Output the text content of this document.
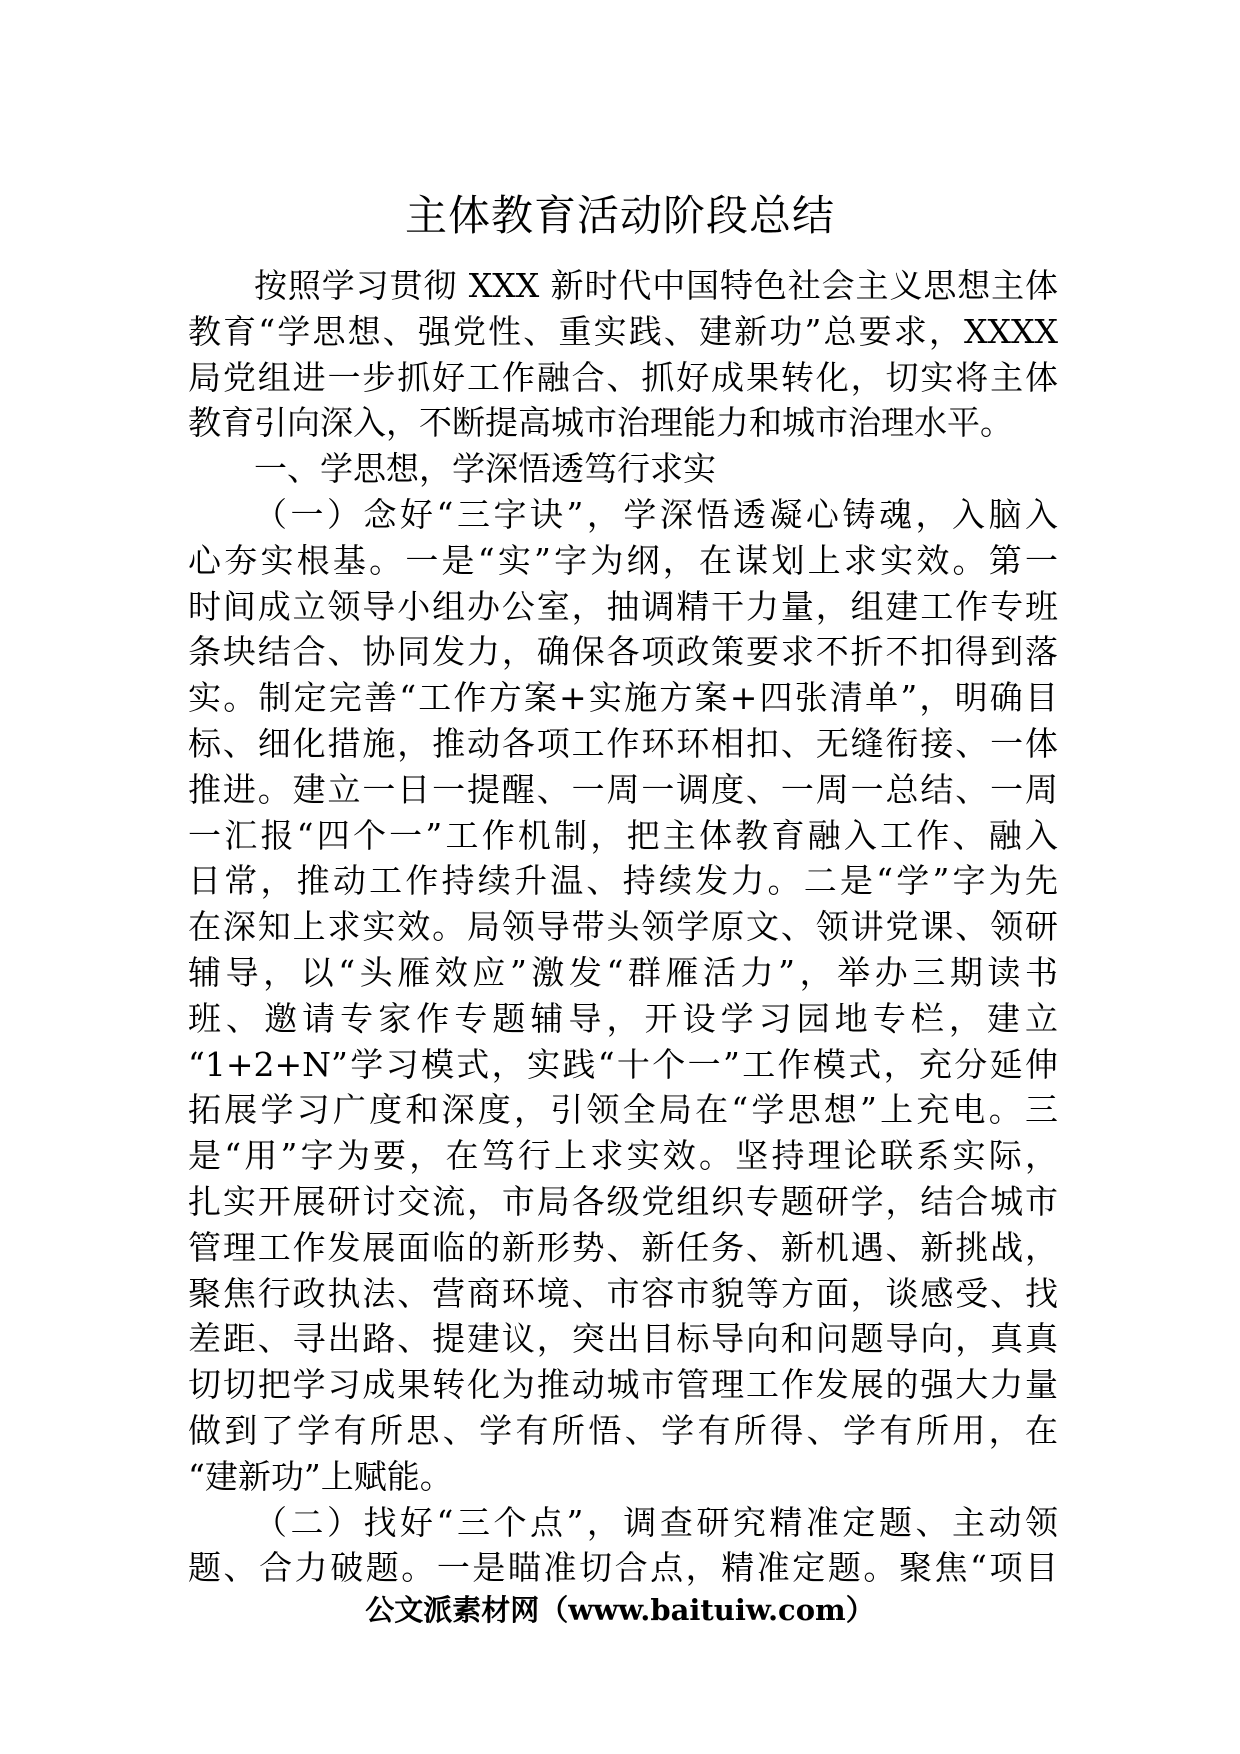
主体教育活动阶段总结
按照学习贯彻 XXX 新时代中国特色社会主义思想主体
教育“学思想、强党性、重实践、建新功”总要求，XXXX
局党组进一步抓好工作融合、抓好成果转化，切实将主体
教育引向深入，不断提高城市治理能力和城市治理水平。
一、学思想，学深悟透笃行求实
（一）念好“三字诀”，学深悟透凝心铸魂，入脑入
心夯实根基。一是“实”字为纲，在谋划上求实效。第一
时间成立领导小组办公室，抽调精干力量，组建工作专班
条块结合、协同发力，确保各项政策要求不折不扣得到落
实。制定完善“工作方案+实施方案+四张清单”，明确目
标、细化措施，推动各项工作环环相扣、无缝衔接、一体
推进。建立一日一提醒、一周一调度、一周一总结、一周
一汇报“四个一”工作机制，把主体教育融入工作、融入
日常，推动工作持续升温、持续发力。二是“学”字为先
在深知上求实效。局领导带头领学原文、领讲党课、领研
辅导，以“头雁效应”激发“群雁活力”，举办三期读书
班、邀请专家作专题辅导，开设学习园地专栏，建立
“1+2+N”学习模式，实践“十个一”工作模式，充分延伸
拓展学习广度和深度，引领全局在“学思想”上充电。三
是“用”字为要，在笃行上求实效。坚持理论联系实际，
扎实开展研讨交流，市局各级党组织专题研学，结合城市
管理工作发展面临的新形势、新任务、新机遇、新挑战，
聚焦行政执法、营商环境、市容市貌等方面，谈感受、找
差距、寻出路、提建议，突出目标导向和问题导向，真真
切切把学习成果转化为推动城市管理工作发展的强大力量
做到了学有所思、学有所悟、学有所得、学有所用，在
“建新功”上赋能。
（二）找好“三个点”，调查研究精准定题、主动领
题、合力破题。一是瞄准切合点，精准定题。聚焦“项目
公文派素材网（www.baituiw.com）
